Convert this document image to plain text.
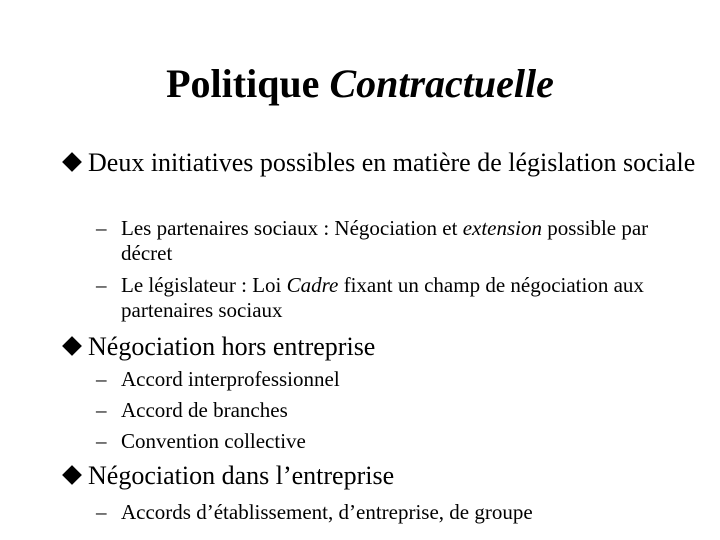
Politique Contractuelle
Deux initiatives possibles en matière de législation sociale
– Les partenaires sociaux : Négociation et extension possible par décret
– Le législateur : Loi Cadre fixant un champ de négociation aux partenaires sociaux
Négociation hors entreprise
– Accord interprofessionnel
– Accord de branches
– Convention collective
Négociation dans l’entreprise
– Accords d’établissement, d’entreprise, de groupe
